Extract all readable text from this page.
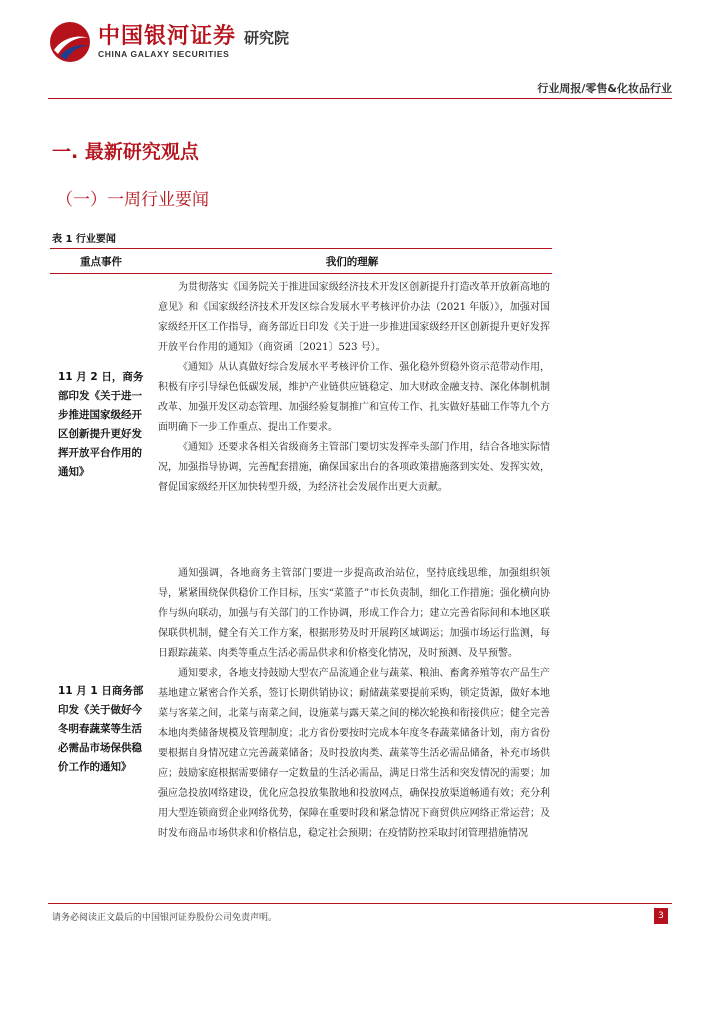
中国银河证券
CHINA GALAXY SECURITIES
研究院
行业周报/零售&化妆品行业
一. 最新研究观点
（一）一周行业要闻
表 1 行业要闻
重点事件	我们的理解
11 月 2 日，商务部印发《关于进一步推进国家级经开区创新提升更好发挥开放平台作用的通知》

为贯彻落实《国务院关于推进国家级经济技术开发区创新提升打造改革开放新高地的意见》和《国家级经济技术开发区综合发展水平考核评价办法（2021 年版）》，加强对国家级经开区工作指导，商务部近日印发《关于进一步推进国家级经开区创新提升更好发挥开放平台作用的通知》（商资函〔2021〕523 号）。

《通知》从认真做好综合发展水平考核评价工作、强化稳外贸稳外资示范带动作用，积极有序引导绿色低碳发展，维护产业链供应链稳定、加大财政金融支持、深化体制机制改革、加强开发区动态管理、加强经验复制推广和宣传工作、扎实做好基础工作等九个方面明确下一步工作重点、提出工作要求。

《通知》还要求各相关省级商务主管部门要切实发挥牵头部门作用，结合各地实际情况，加强指导协调，完善配套措施，确保国家出台的各项政策措施落到实处、发挥实效，督促国家级经开区加快转型升级，为经济社会发展作出更大贡献。

11 月 1 日商务部印发《关于做好今冬明春蔬菜等生活必需品市场保供稳价工作的通知》

通知强调，各地商务主管部门要进一步提高政治站位，坚持底线思维，加强组织领导，紧紧围绕保供稳价工作目标，压实“菜篮子”市长负责制，细化工作措施；强化横向协作与纵向联动，加强与有关部门的工作协调，形成工作合力；建立完善省际间和本地区联保联供机制，健全有关工作方案，根据形势及时开展跨区域调运；加强市场运行监测，每日跟踪蔬菜、肉类等重点生活必需品供求和价格变化情况，及时预测、及早预警。

通知要求，各地支持鼓励大型农产品流通企业与蔬菜、粮油、畜禽养殖等农产品生产基地建立紧密合作关系，签订长期供销协议；耐储蔬菜要提前采购，锁定货源，做好本地菜与客菜之间，北菜与南菜之间，设施菜与露天菜之间的梯次轮换和衔接供应；健全完善本地肉类储备规模及管理制度；北方省份要按时完成本年度冬春蔬菜储备计划，南方省份要根据自身情况建立完善蔬菜储备；及时投放肉类、蔬菜等生活必需品储备，补充市场供应；鼓励家庭根据需要储存一定数量的生活必需品，满足日常生活和突发情况的需要；加强应急投放网络建设，优化应急投放集散地和投放网点，确保投放渠道畅通有效；充分利用大型连锁商贸企业网络优势，保障在重要时段和紧急情况下商贸供应网络正常运营；及时发布商品市场供求和价格信息，稳定社会预期；在疫情防控采取封闭管理措施情况

请务必阅读正文最后的中国银河证券股份公司免责声明。	3
